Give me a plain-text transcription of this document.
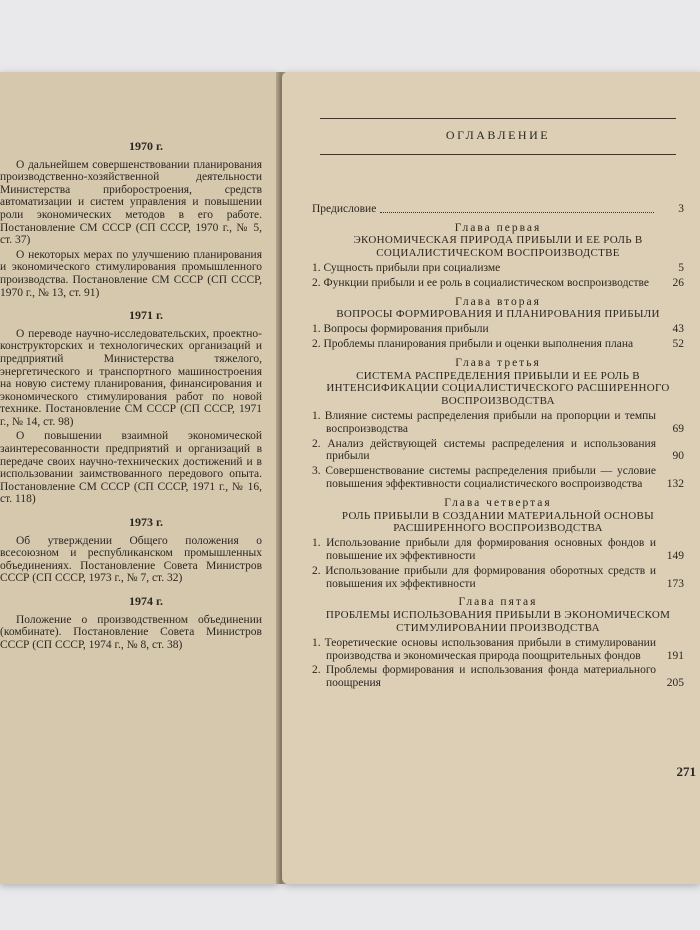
1970 г.

О дальнейшем совершенствовании планирования производственно-хозяйственной деятельности Министерства приборостроения, средств автоматизации и систем управления и повышении роли экономических методов в его работе. Постановление СМ СССР (СП СССР, 1970 г., № 5, ст. 37)

О некоторых мерах по улучшению планирования и экономического стимулирования промышленного производства. Постановление СМ СССР (СП СССР, 1970 г., № 13, ст. 91)

1971 г.

О переводе научно-исследовательских, проектно-конструкторских и технологических организаций и предприятий Министерства тяжелого, энергетического и транспортного машиностроения на новую систему планирования, финансирования и экономического стимулирования работ по новой технике. Постановление СМ СССР (СП СССР, 1971 г., № 14, ст. 98)

О повышении взаимной экономической заинтересованности предприятий и организаций в передаче своих научно-технических достижений и в использовании заимствованного передового опыта. Постановление СМ СССР (СП СССР, 1971 г., № 16, ст. 118)

1973 г.

Об утверждении Общего положения о всесоюзном и республиканском промышленных объединениях. Постановление Совета Министров СССР (СП СССР, 1973 г., № 7, ст. 32)

1974 г.

Положение о производственном объединении (комбинате). Постановление Совета Министров СССР (СП СССР, 1974 г., № 8, ст. 38)

ОГЛАВЛЕНИЕ
Предисловие	3
Глава первая
ЭКОНОМИЧЕСКАЯ ПРИРОДА ПРИБЫЛИ И ЕЕ РОЛЬ В СОЦИАЛИСТИЧЕСКОМ ВОСПРОИЗВОДСТВЕ
1. Сущность прибыли при социализме	5
2. Функции прибыли и ее роль в социалистическом воспроизводстве	26
Глава вторая
ВОПРОСЫ ФОРМИРОВАНИЯ И ПЛАНИРОВАНИЯ ПРИБЫЛИ
1. Вопросы формирования прибыли	43
2. Проблемы планирования прибыли и оценки выполнения плана	52
Глава третья
СИСТЕМА РАСПРЕДЕЛЕНИЯ ПРИБЫЛИ И ЕЕ РОЛЬ В ИНТЕНСИФИКАЦИИ СОЦИАЛИСТИЧЕСКОГО РАСШИРЕННОГО ВОСПРОИЗВОДСТВА
1. Влияние системы распределения прибыли на пропорции и темпы воспроизводства	69
2. Анализ действующей системы распределения и использования прибыли	90
3. Совершенствование системы распределения прибыли — условие повышения эффективности социалистического воспроизводства	132
Глава четвертая
РОЛЬ ПРИБЫЛИ В СОЗДАНИИ МАТЕРИАЛЬНОЙ ОСНОВЫ РАСШИРЕННОГО ВОСПРОИЗВОДСТВА
1. Использование прибыли для формирования основных фондов и повышение их эффективности	149
2. Использование прибыли для формирования оборотных средств и повышения их эффективности	173
Глава пятая
ПРОБЛЕМЫ ИСПОЛЬЗОВАНИЯ ПРИБЫЛИ В ЭКОНОМИЧЕСКОМ СТИМУЛИРОВАНИИ ПРОИЗВОДСТВА
1. Теоретические основы использования прибыли в стимулировании производства и экономическая природа поощрительных фондов	191
2. Проблемы формирования и использования фонда материального поощрения	205
271
